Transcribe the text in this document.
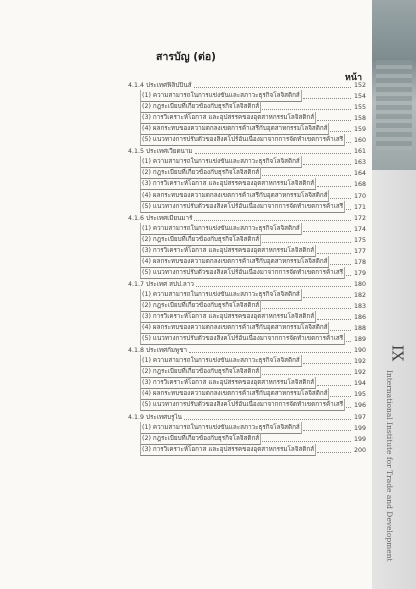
IX
International Institute for Trade and Development
สารบัญ (ต่อ)
หน้า
4.1.4 ประเทศฟิลิปปินส์	152
(1) ความสามารถในการแข่งขันและสภาวะธุรกิจโลจิสติกส์	154
(2) กฎระเบียบที่เกี่ยวข้องกับธุรกิจโลจิสติกส์	155
(3) การวิเคราะห์โอกาส และอุปสรรคของอุตสาหกรรมโลจิสติกส์	158
(4) ผลกระทบของความตกลงเขตการค้าเสรีกับอุตสาหกรรมโลจิสติกส์	159
(5) แนวทางการปรับตัวของสิงคโปร์อันเนื่องมาจากการจัดทำเขตการค้าเสรี	160
4.1.5 ประเทศเวียดนาม	161
(1) ความสามารถในการแข่งขันและสภาวะธุรกิจโลจิสติกส์	163
(2) กฎระเบียบที่เกี่ยวข้องกับธุรกิจโลจิสติกส์	164
(3) การวิเคราะห์โอกาส และอุปสรรคของอุตสาหกรรมโลจิสติกส์	168
(4) ผลกระทบของความตกลงเขตการค้าเสรีกับอุตสาหกรรมโลจิสติกส์	170
(5) แนวทางการปรับตัวของสิงคโปร์อันเนื่องมาจากการจัดทำเขตการค้าเสรี	171
4.1.6 ประเทศเมียนมาร์	172
(1) ความสามารถในการแข่งขันและสภาวะธุรกิจโลจิสติกส์	174
(2) กฎระเบียบที่เกี่ยวข้องกับธุรกิจโลจิสติกส์	175
(3) การวิเคราะห์โอกาส และอุปสรรคของอุตสาหกรรมโลจิสติกส์	177
(4) ผลกระทบของความตกลงเขตการค้าเสรีกับอุตสาหกรรมโลจิสติกส์	178
(5) แนวทางการปรับตัวของสิงคโปร์อันเนื่องมาจากการจัดทำเขตการค้าเสรี	179
4.1.7 ประเทศ สปป.ลาว	180
(1) ความสามารถในการแข่งขันและสภาวะธุรกิจโลจิสติกส์	182
(2) กฎระเบียบที่เกี่ยวข้องกับธุรกิจโลจิสติกส์	183
(3) การวิเคราะห์โอกาส และอุปสรรคของอุตสาหกรรมโลจิสติกส์	186
(4) ผลกระทบของความตกลงเขตการค้าเสรีกับอุตสาหกรรมโลจิสติกส์	188
(5) แนวทางการปรับตัวของสิงคโปร์อันเนื่องมาจากการจัดทำเขตการค้าเสรี	189
4.1.8 ประเทศกัมพูชา	190
(1) ความสามารถในการแข่งขันและสภาวะธุรกิจโลจิสติกส์	192
(2) กฎระเบียบที่เกี่ยวข้องกับธุรกิจโลจิสติกส์	192
(3) การวิเคราะห์โอกาส และอุปสรรคของอุตสาหกรรมโลจิสติกส์	194
(4) ผลกระทบของความตกลงเขตการค้าเสรีกับอุตสาหกรรมโลจิสติกส์	195
(5) แนวทางการปรับตัวของสิงคโปร์อันเนื่องมาจากการจัดทำเขตการค้าเสรี	196
4.1.9 ประเทศบรูไน	197
(1) ความสามารถในการแข่งขันและสภาวะธุรกิจโลจิสติกส์	199
(2) กฎระเบียบที่เกี่ยวข้องกับธุรกิจโลจิสติกส์	199
(3) การวิเคราะห์โอกาส และอุปสรรคของอุตสาหกรรมโลจิสติกส์	200
